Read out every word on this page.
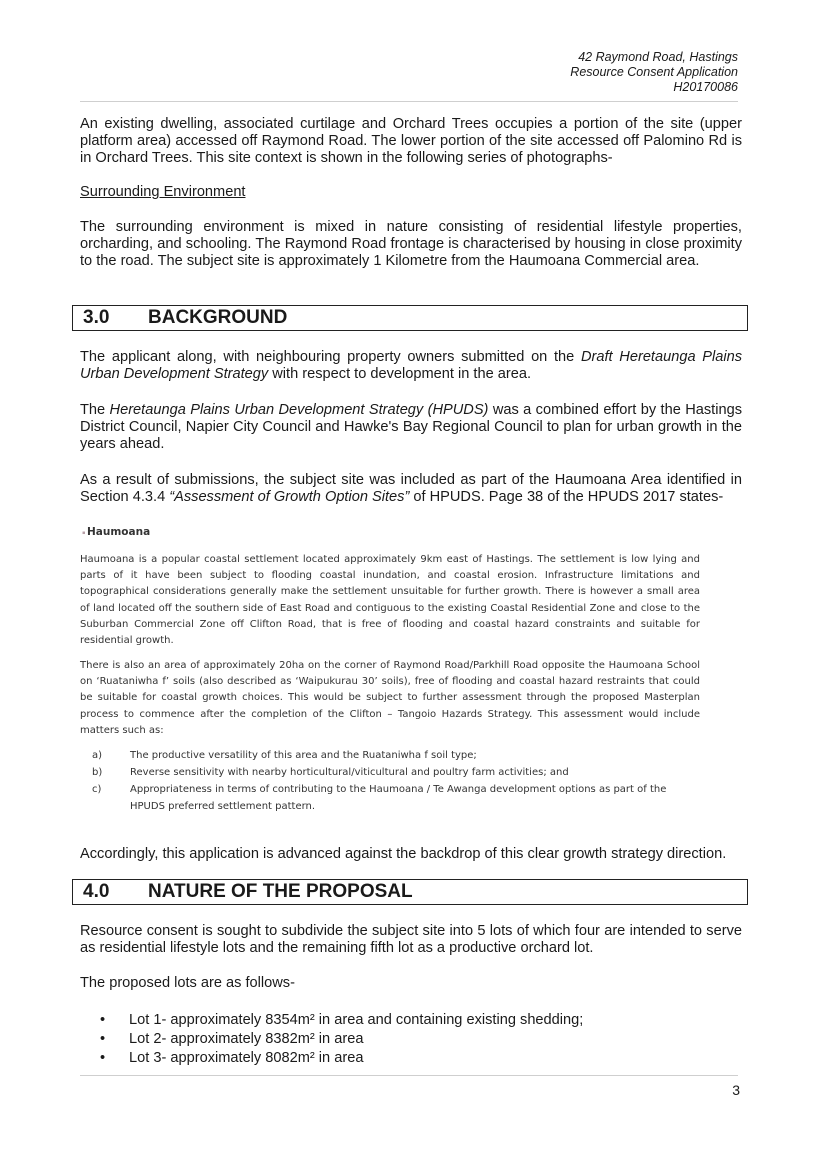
42 Raymond Road, Hastings
Resource Consent Application
H20170086

An existing dwelling, associated curtilage and Orchard Trees occupies a portion of the site (upper platform area) accessed off Raymond Road. The lower portion of the site accessed off Palomino Rd is in Orchard Trees. This site context is shown in the following series of photographs-

Surrounding Environment

The surrounding environment is mixed in nature consisting of residential lifestyle properties, orcharding, and schooling. The Raymond Road frontage is characterised by housing in close proximity to the road. The subject site is approximately 1 Kilometre from the Haumoana Commercial area.

3.0 BACKGROUND

The applicant along, with neighbouring property owners submitted on the Draft Heretaunga Plains Urban Development Strategy with respect to development in the area.

The Heretaunga Plains Urban Development Strategy (HPUDS) was a combined effort by the Hastings District Council, Napier City Council and Hawke's Bay Regional Council to plan for urban growth in the years ahead.

As a result of submissions, the subject site was included as part of the Haumoana Area identified in Section 4.3.4 “Assessment of Growth Option Sites” of HPUDS. Page 38 of the HPUDS 2017 states-

▪ Haumoana

Haumoana is a popular coastal settlement located approximately 9km east of Hastings. The settlement is low lying and parts of it have been subject to flooding coastal inundation, and coastal erosion. Infrastructure limitations and topographical considerations generally make the settlement unsuitable for further growth. There is however a small area of land located off the southern side of East Road and contiguous to the existing Coastal Residential Zone and close to the Suburban Commercial Zone off Clifton Road, that is free of flooding and coastal hazard constraints and suitable for residential growth.

There is also an area of approximately 20ha on the corner of Raymond Road/Parkhill Road opposite the Haumoana School on ‘Ruataniwha f’ soils (also described as ‘Waipukurau 30’ soils), free of flooding and coastal hazard restraints that could be suitable for coastal growth choices. This would be subject to further assessment through the proposed Masterplan process to commence after the completion of the Clifton – Tangoio Hazards Strategy. This assessment would include matters such as:

a)	The productive versatility of this area and the Ruataniwha f soil type;
b)	Reverse sensitivity with nearby horticultural/viticultural and poultry farm activities; and
c)	Appropriateness in terms of contributing to the Haumoana / Te Awanga development options as part of the HPUDS preferred settlement pattern.

Accordingly, this application is advanced against the backdrop of this clear growth strategy direction.

4.0 NATURE OF THE PROPOSAL

Resource consent is sought to subdivide the subject site into 5 lots of which four are intended to serve as residential lifestyle lots and the remaining fifth lot as a productive orchard lot.

The proposed lots are as follows-

• Lot 1- approximately 8354m² in area and containing existing shedding;
• Lot 2- approximately 8382m² in area
• Lot 3- approximately 8082m² in area
3
